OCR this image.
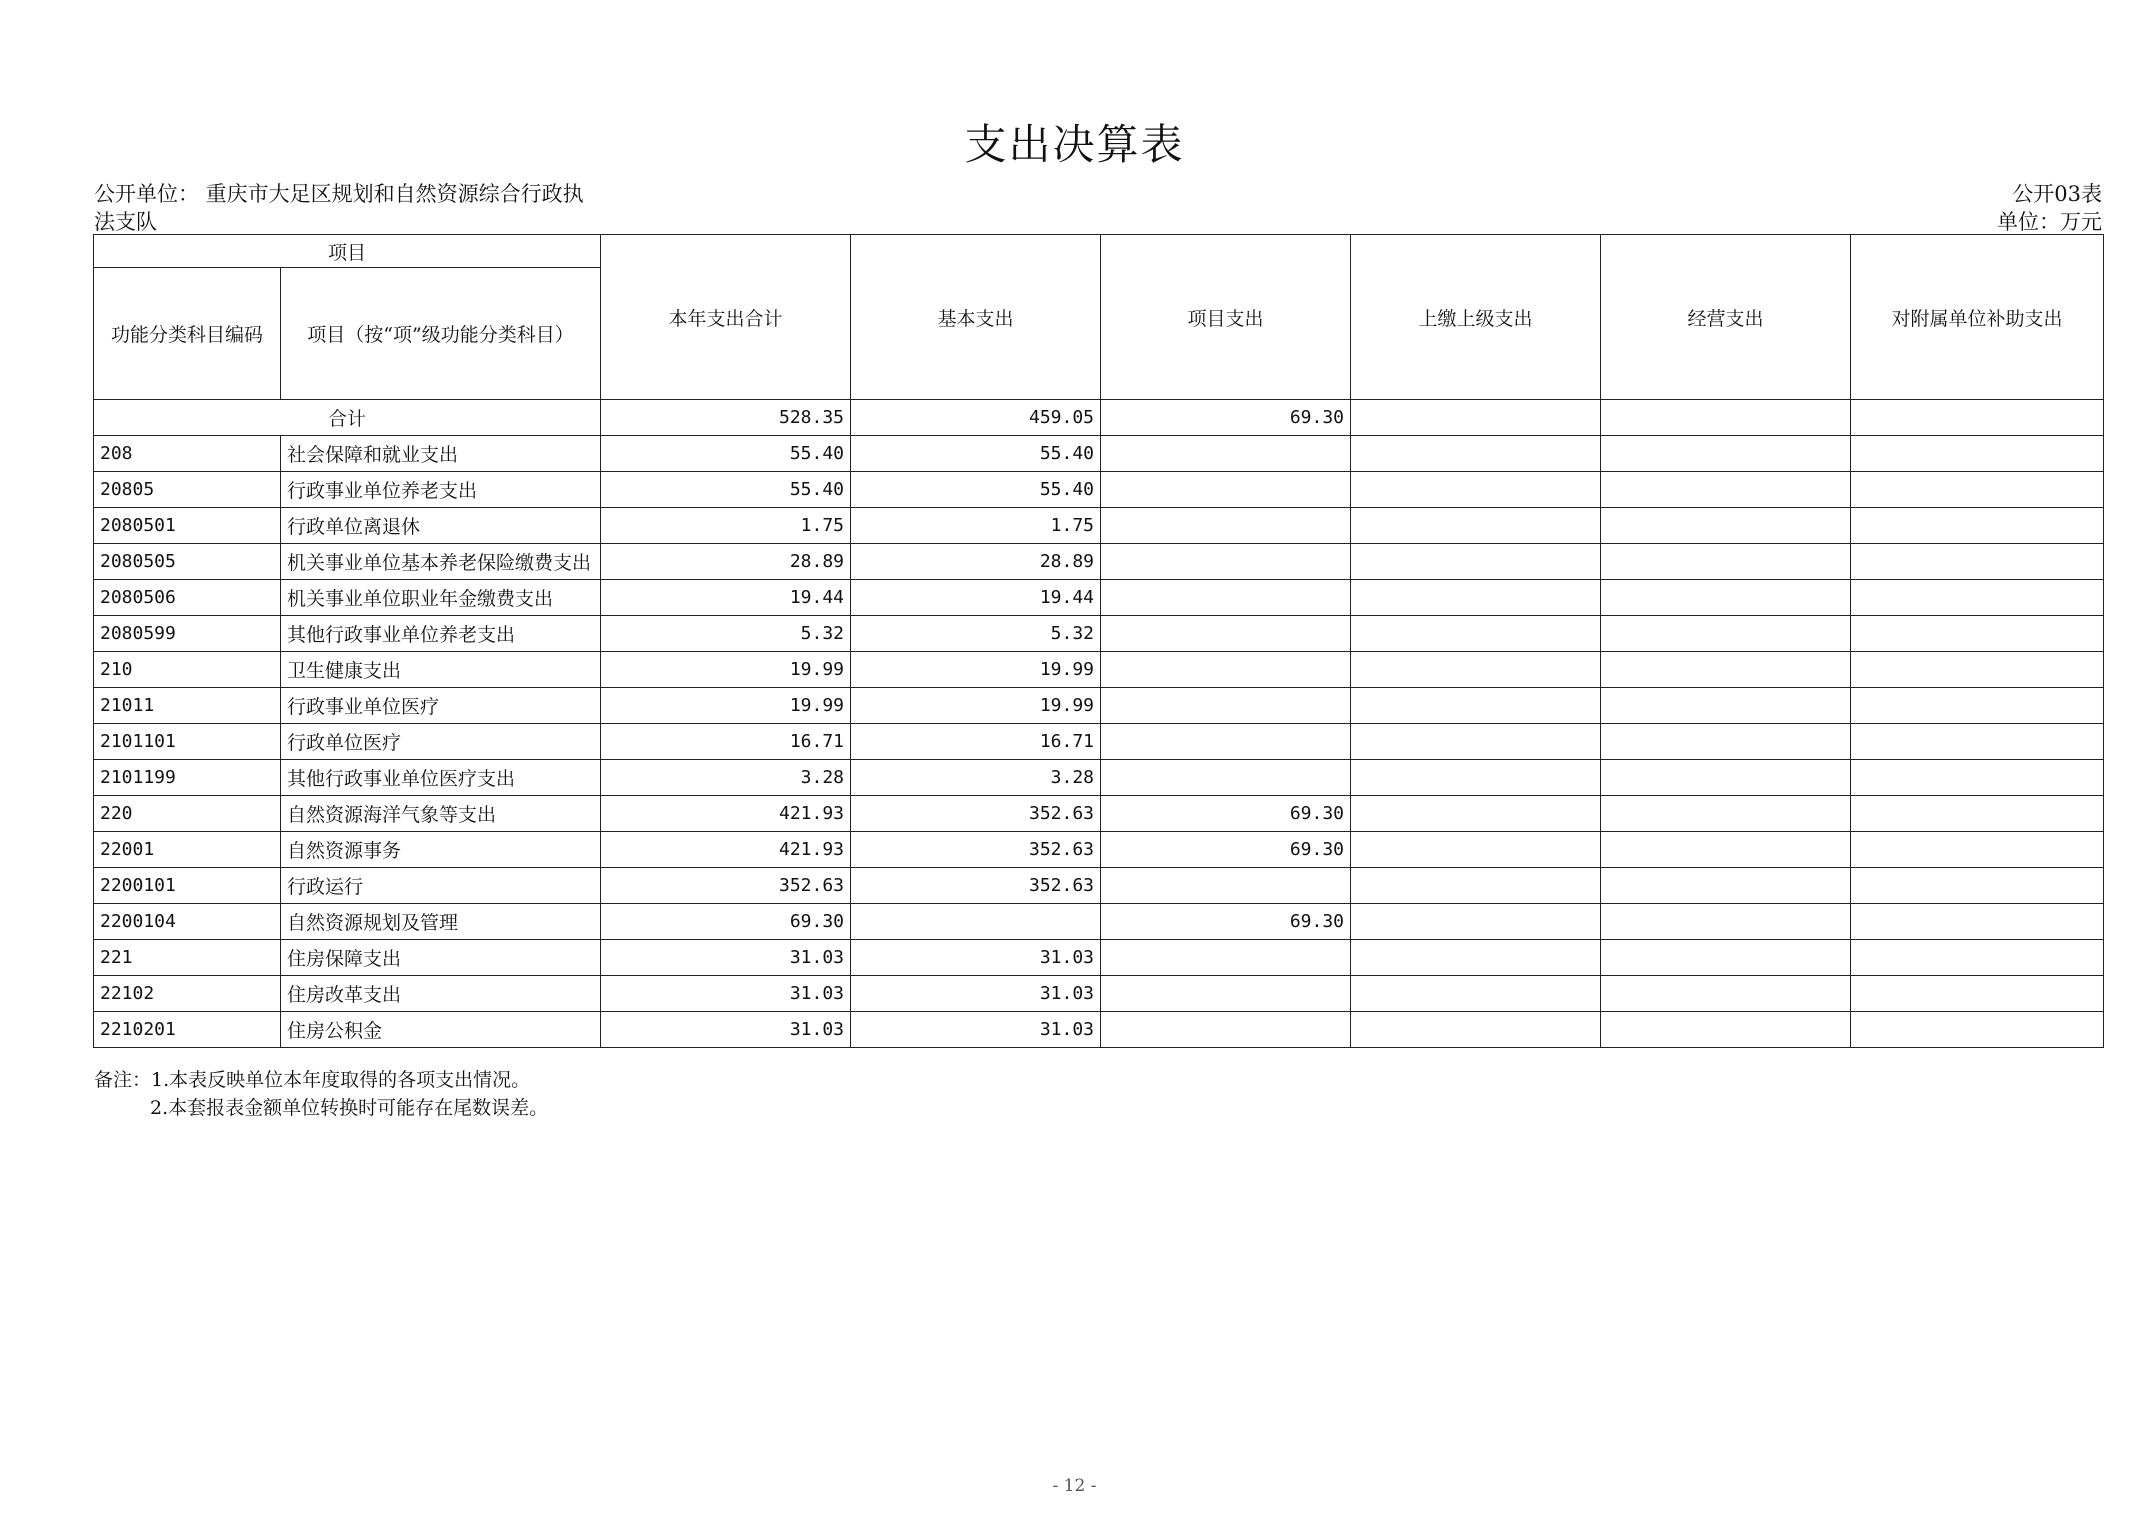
支出决算表
公开单位： 重庆市大足区规划和自然资源综合行政执
法支队
公开03表
单位：万元
项目		本年支出合计	基本支出	项目支出	上缴上级支出	经营支出	对附属单位补助支出
功能分类科目编码	项目（按“项”级功能分类科目）						
合计		528.35	459.05	69.30			
208	社会保障和就业支出	55.40	55.40				
20805	行政事业单位养老支出	55.40	55.40				
2080501	行政单位离退休	1.75	1.75				
2080505	机关事业单位基本养老保险缴费支出	28.89	28.89				
2080506	机关事业单位职业年金缴费支出	19.44	19.44				
2080599	其他行政事业单位养老支出	5.32	5.32				
210	卫生健康支出	19.99	19.99				
21011	行政事业单位医疗	19.99	19.99				
2101101	行政单位医疗	16.71	16.71				
2101199	其他行政事业单位医疗支出	3.28	3.28				
220	自然资源海洋气象等支出	421.93	352.63	69.30			
22001	自然资源事务	421.93	352.63	69.30			
2200101	行政运行	352.63	352.63				
2200104	自然资源规划及管理	69.30		69.30			
221	住房保障支出	31.03	31.03				
22102	住房改革支出	31.03	31.03				
2210201	住房公积金	31.03	31.03				
备注：1.本表反映单位本年度取得的各项支出情况。
2.本套报表金额单位转换时可能存在尾数误差。
- 12 -
